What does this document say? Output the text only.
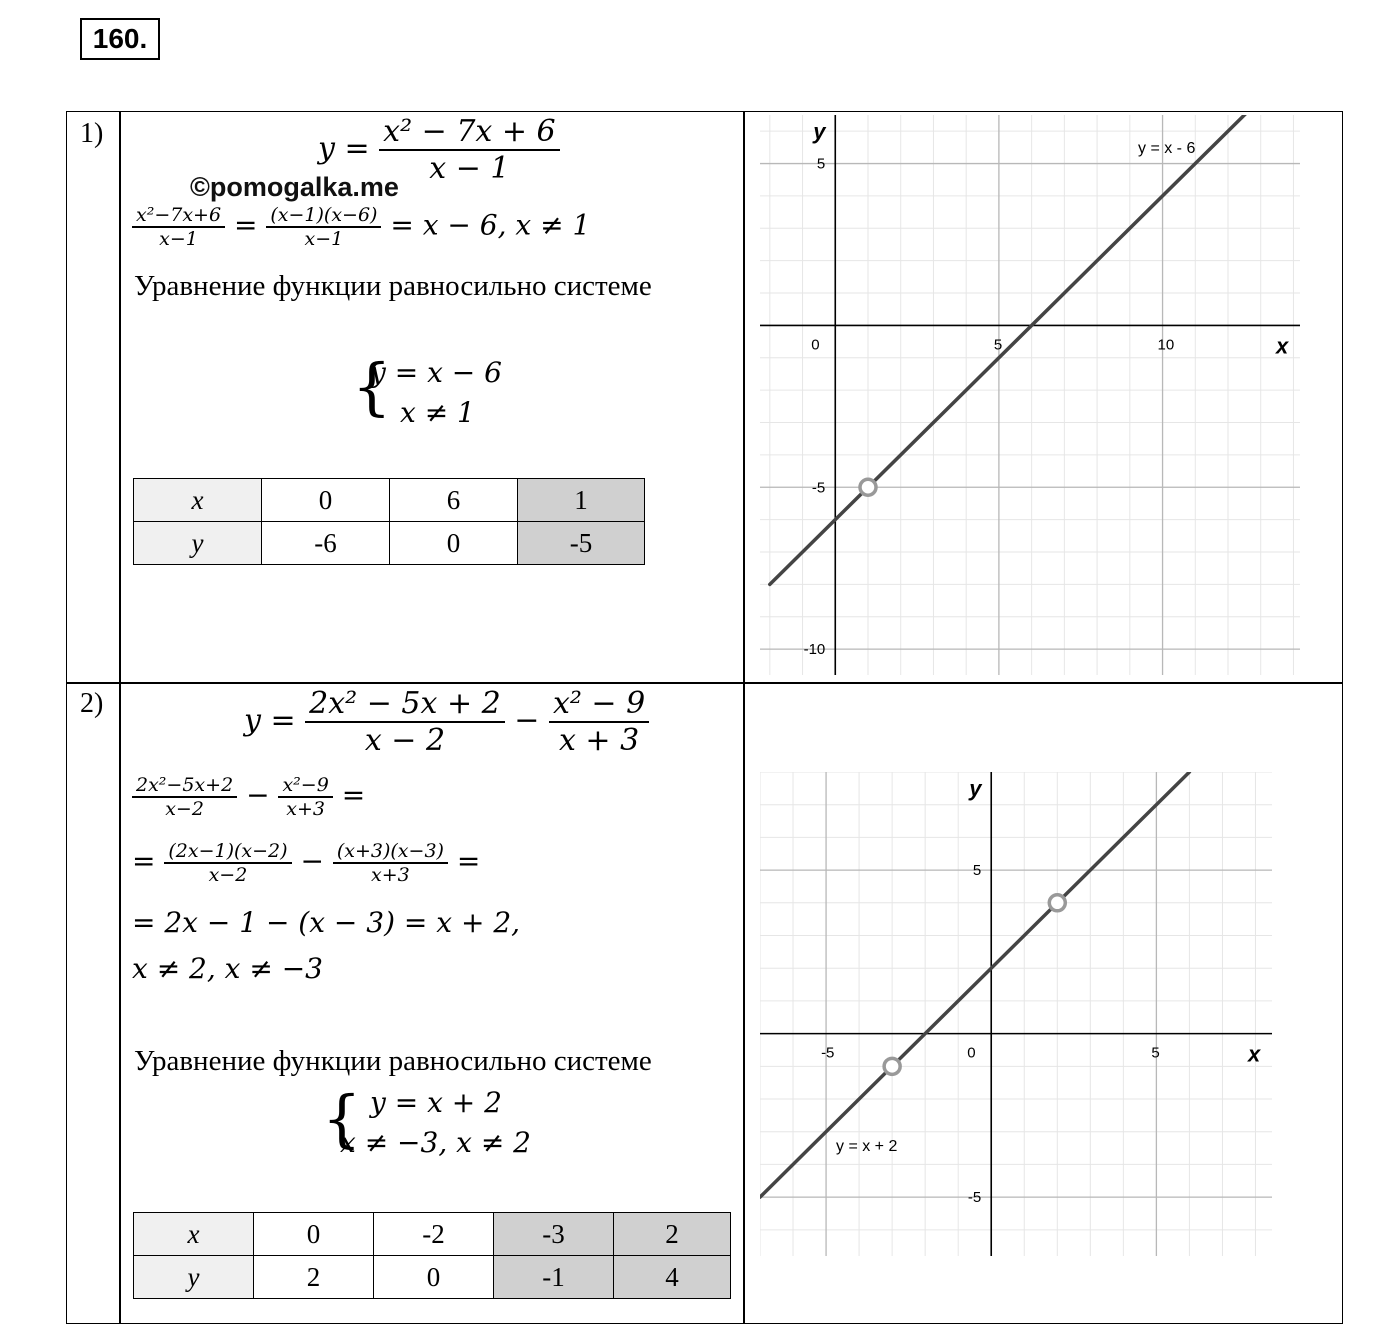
160.
1)	$y = \frac{\text{x² − 7x + 6}}{x - 1}$
©pomogalka.me
$\frac{\text{x²−7x+6}}{x-1} = \frac{(x-1)(x-6)}{x-1} = x - 6$, x ≠ 1
Уравнение функции равносильно системе
{
y = x − 6
x ≠ 1
x	0	6	1
y	-6	0	-5
0	5	10
5
-5
-10
x
y
y = x - 6
2)	$y = \frac{\text{2x² − 5x + 2}}{x - 2} - \frac{\text{x² − 9}}{x + 3}$
$\frac{\text{2x²−5x+2}}{x-2} - \frac{\text{x²−9}}{x+3}$ =
= $\frac{(2x-1)(x-2)}{x-2} - \frac{(x+3)(x-3)}{x+3}$ =
= 2x − 1 − (x − 3) = x + 2,
x ≠ 2, x ≠ −3
Уравнение функции равносильно системе
{ y = x + 2
x ≠ −3, x ≠ 2
x	0	-2	-3	2
y	2	0	-1	4
-5	0	5
5
-5
x
y
y = x + 2
